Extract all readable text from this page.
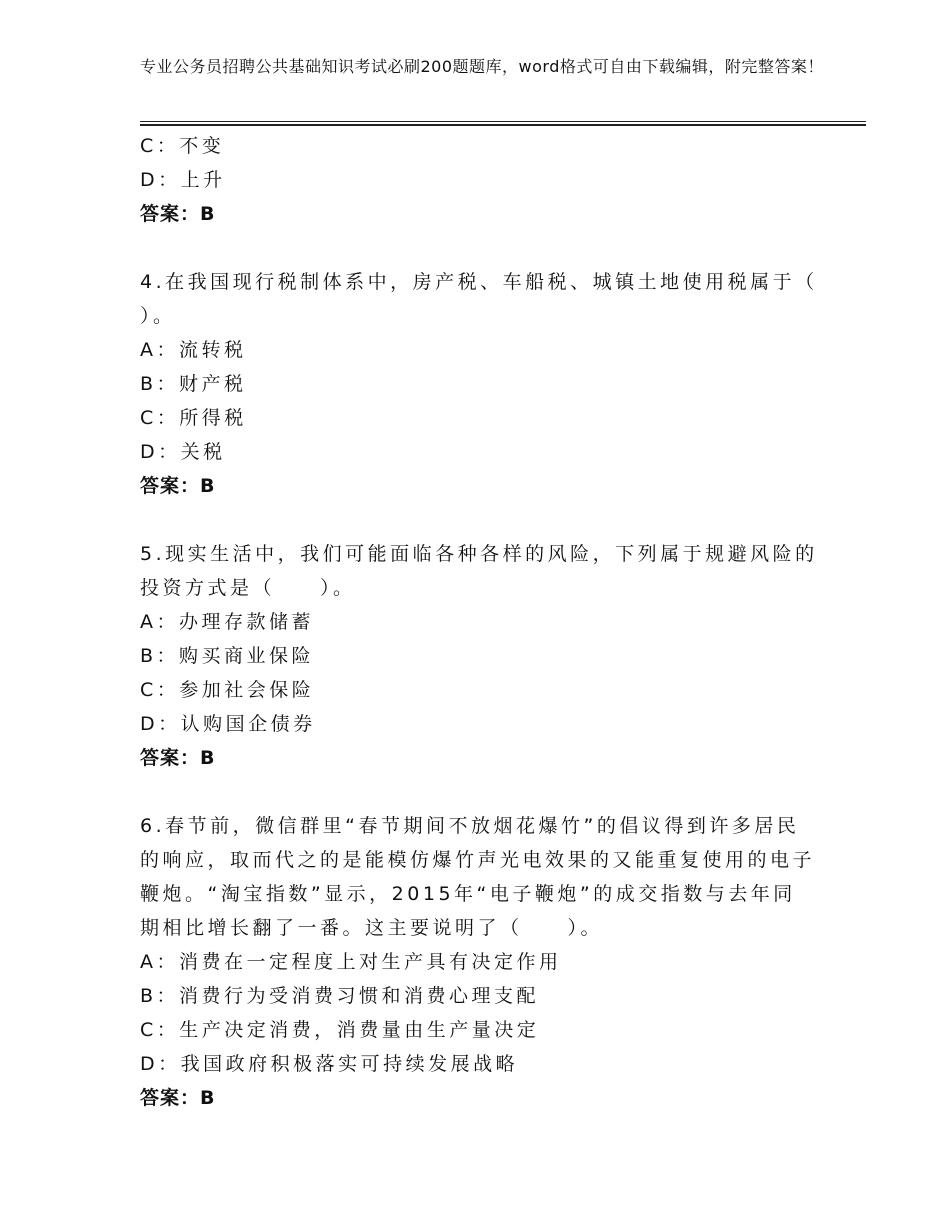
专业公务员招聘公共基础知识考试必刷200题题库，word格式可自由下载编辑，附完整答案！
C：不变
D：上升
答案：B
4.在我国现行税制体系中，房产税、车船税、城镇土地使用税属于（
）。
A：流转税
B：财产税
C：所得税
D：关税
答案：B
5.现实生活中，我们可能面临各种各样的风险，下列属于规避风险的
投资方式是（　　）。
A：办理存款储蓄
B：购买商业保险
C：参加社会保险
D：认购国企债券
答案：B
6.春节前，微信群里“春节期间不放烟花爆竹”的倡议得到许多居民
的响应，取而代之的是能模仿爆竹声光电效果的又能重复使用的电子
鞭炮。“淘宝指数”显示，2015年“电子鞭炮”的成交指数与去年同
期相比增长翻了一番。这主要说明了（　　）。
A：消费在一定程度上对生产具有决定作用
B：消费行为受消费习惯和消费心理支配
C：生产决定消费，消费量由生产量决定
D：我国政府积极落实可持续发展战略
答案：B
